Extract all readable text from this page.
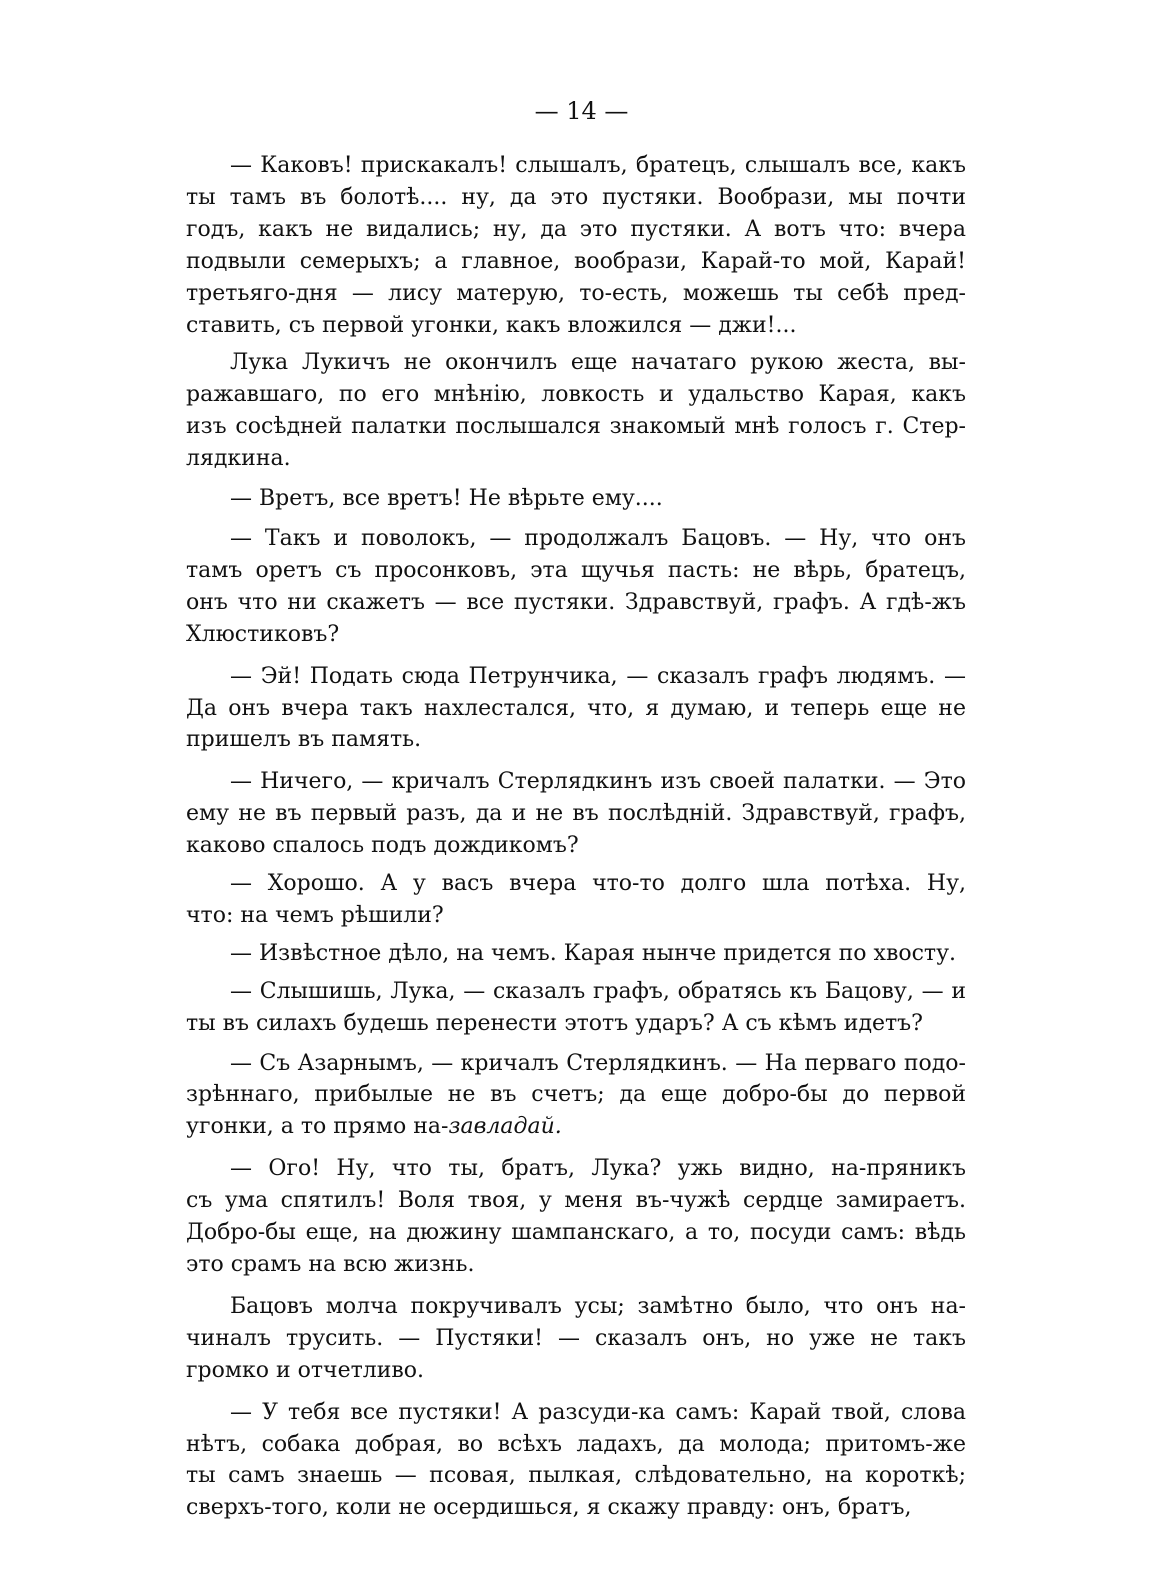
— 14 —
— Каковъ! прискакалъ! слышалъ, братецъ, слышалъ все, какъ
ты тамъ въ болотѣ.... ну, да это пустяки. Вообрази, мы почти
годъ, какъ не видались; ну, да это пустяки. А вотъ что: вчера
подвыли семерыхъ; а главное, вообрази, Карай-то мой, Карай!
третьяго-дня — лису матерую, то-есть, можешь ты себѣ пред-
ставить, съ первой угонки, какъ вложился — джи!...
Лука Лукичъ не окончилъ еще начатаго рукою жеста, вы-
ражавшаго, по его мнѣнію, ловкость и удальство Карая, какъ
изъ сосѣдней палатки послышался знакомый мнѣ голосъ г. Стер-
лядкина.
— Вретъ, все вретъ! Не вѣрьте ему....
— Такъ и поволокъ, — продолжалъ Бацовъ. — Ну, что онъ
тамъ оретъ съ просонковъ, эта щучья пасть: не вѣрь, братецъ,
онъ что ни скажетъ — все пустяки. Здравствуй, графъ. А гдѣ-жъ
Хлюстиковъ?
— Эй! Подать сюда Петрунчика, — сказалъ графъ людямъ. —
Да онъ вчера такъ нахлестался, что, я думаю, и теперь еще не
пришелъ въ память.
— Ничего, — кричалъ Стерлядкинъ изъ своей палатки. — Это
ему не въ первый разъ, да и не въ послѣдній. Здравствуй, графъ,
каково спалось подъ дождикомъ?
— Хорошо. А у васъ вчера что-то долго шла потѣха. Ну,
что: на чемъ рѣшили?
— Извѣстное дѣло, на чемъ. Карая нынче придется по хвосту.
— Слышишь, Лука, — сказалъ графъ, обратясь къ Бацову, — и
ты въ силахъ будешь перенести этотъ ударъ? А съ кѣмъ идетъ?
— Съ Азарнымъ, — кричалъ Стерлядкинъ. — На перваго подо-
зрѣннаго, прибылые не въ счетъ; да еще добро-бы до первой
угонки, а то прямо на-завладай.
— Ого! Ну, что ты, братъ, Лука? ужь видно, на-пряникъ
съ ума спятилъ! Воля твоя, у меня въ-чужѣ сердце замираетъ.
Добро-бы еще, на дюжину шампанскаго, а то, посуди самъ: вѣдь
это срамъ на всю жизнь.
Бацовъ молча покручивалъ усы; замѣтно было, что онъ на-
чиналъ трусить. — Пустяки! — сказалъ онъ, но уже не такъ
громко и отчетливо.
— У тебя все пустяки! А разсуди-ка самъ: Карай твой, слова
нѣтъ, собака добрая, во всѣхъ ладахъ, да молода; притомъ-же
ты самъ знаешь — псовая, пылкая, слѣдовательно, на короткѣ;
сверхъ-того, коли не осердишься, я скажу правду: онъ, братъ,
